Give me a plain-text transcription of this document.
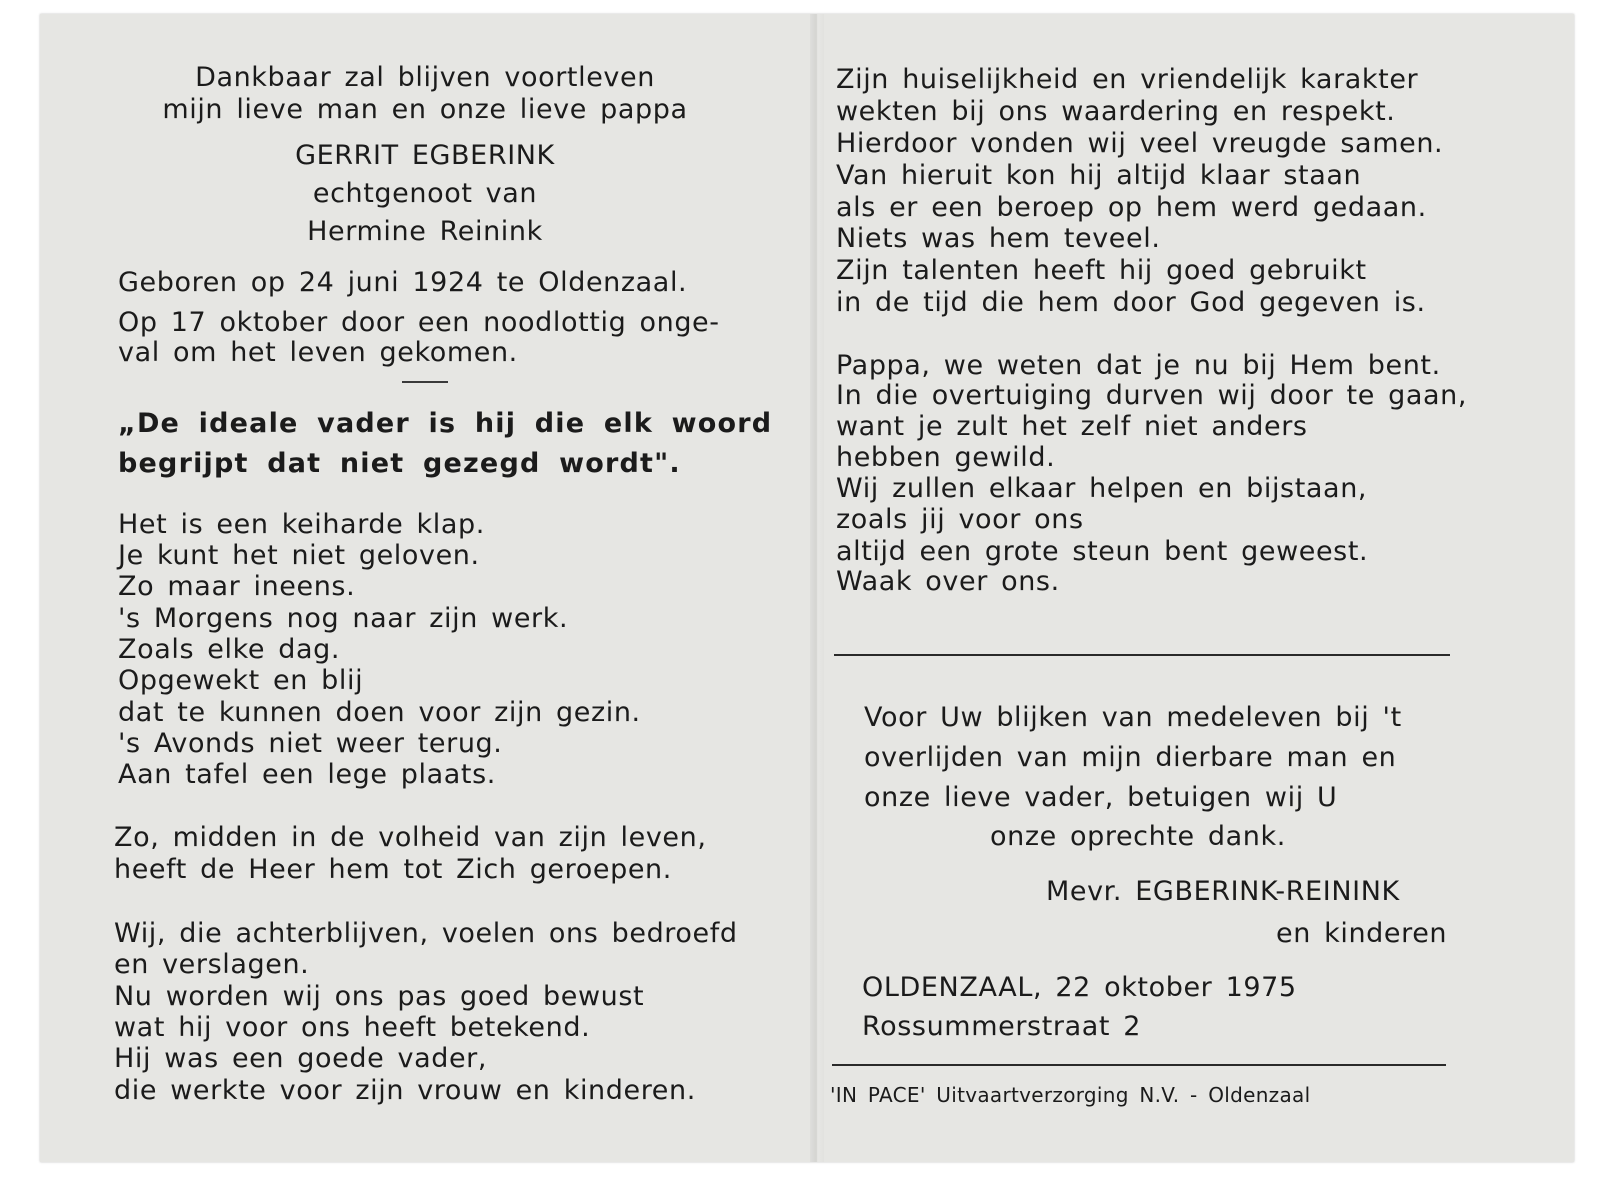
Dankbaar zal blijven voortleven
mijn lieve man en onze lieve pappa
GERRIT EGBERINK
echtgenoot van
Hermine Reinink
Geboren op 24 juni 1924 te Oldenzaal.
Op 17 oktober door een noodlottig onge-
val om het leven gekomen.
„De ideale vader is hij die elk woord
begrijpt dat niet gezegd wordt".
Het is een keiharde klap.
Je kunt het niet geloven.
Zo maar ineens.
's Morgens nog naar zijn werk.
Zoals elke dag.
Opgewekt en blij
dat te kunnen doen voor zijn gezin.
's Avonds niet weer terug.
Aan tafel een lege plaats.
Zo, midden in de volheid van zijn leven,
heeft de Heer hem tot Zich geroepen.
Wij, die achterblijven, voelen ons bedroefd
en verslagen.
Nu worden wij ons pas goed bewust
wat hij voor ons heeft betekend.
Hij was een goede vader,
die werkte voor zijn vrouw en kinderen.
Zijn huiselijkheid en vriendelijk karakter
wekten bij ons waardering en respekt.
Hierdoor vonden wij veel vreugde samen.
Van hieruit kon hij altijd klaar staan
als er een beroep op hem werd gedaan.
Niets was hem teveel.
Zijn talenten heeft hij goed gebruikt
in de tijd die hem door God gegeven is.
Pappa, we weten dat je nu bij Hem bent.
In die overtuiging durven wij door te gaan,
want je zult het zelf niet anders
hebben gewild.
Wij zullen elkaar helpen en bijstaan,
zoals jij voor ons
altijd een grote steun bent geweest.
Waak over ons.
Voor Uw blijken van medeleven bij 't
overlijden van mijn dierbare man en
onze lieve vader, betuigen wij U
onze oprechte dank.
Mevr. EGBERINK-REININK
en kinderen
OLDENZAAL, 22 oktober 1975
Rossummerstraat 2
'IN PACE' Uitvaartverzorging N.V. - Oldenzaal
